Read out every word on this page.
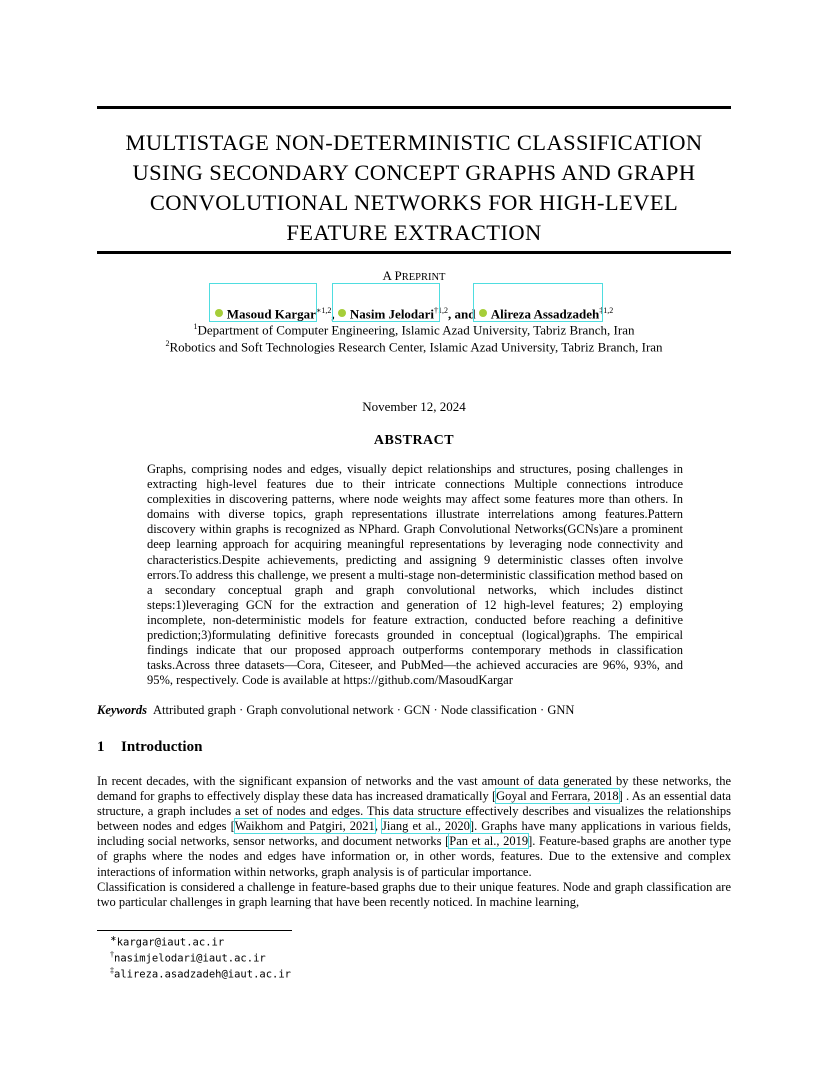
MULTISTAGE NON-DETERMINISTIC CLASSIFICATION
USING SECONDARY CONCEPT GRAPHS AND GRAPH
CONVOLUTIONAL NETWORKS FOR HIGH-LEVEL
FEATURE EXTRACTION
A PREPRINT
Masoud Kargar$^{∗1,2}$,
Nasim Jelodari$^{\dagger 1,2}$, and
Alireza Assadzadeh$^{\ddagger 1,2}$
$^1$Department of Computer Engineering, Islamic Azad University, Tabriz Branch, Iran
$^2$Robotics and Soft Technologies Research Center, Islamic Azad University, Tabriz Branch, Iran
November 12, 2024
ABSTRACT
Graphs, comprising nodes and edges, visually depict relationships and structures, posing challenges in extracting high-level features due to their intricate connections Multiple connections introduce complexities in discovering patterns, where node weights may affect some features more than others. In domains with diverse topics, graph representations illustrate interrelations among features.Pattern discovery within graphs is recognized as NPhard. Graph Convolutional Networks(GCNs)are a prominent deep learning approach for acquiring meaningful representations by leveraging node connectivity and characteristics.Despite achievements, predicting and assigning 9 deterministic classes often involve errors.To address this challenge, we present a multi-stage non-deterministic classification method based on a secondary conceptual graph and graph convolutional networks, which includes distinct steps:1)leveraging GCN for the extraction and generation of 12 high-level features; 2) employing incomplete, non-deterministic models for feature extraction, conducted before reaching a definitive prediction;3)formulating definitive forecasts grounded in conceptual (logical)graphs. The empirical findings indicate that our proposed approach outperforms contemporary methods in classification tasks.Across three datasets—Cora, Citeseer, and PubMed—the achieved accuracies are 96%, 93%, and 95%, respectively. Code is available at https://github.com/MasoudKargar
Keywords Attributed graph · Graph convolutional network · GCN · Node classification · GNN
1 Introduction

In recent decades, with the significant expansion of networks and the vast amount of data generated by these networks, the demand for graphs to effectively display these data has increased dramatically [Goyal and Ferrara, 2018] . As an essential data structure, a graph includes a set of nodes and edges. This data structure effectively describes and visualizes the relationships between nodes and edges [Waikhom and Patgiri, 2021, Jiang et al., 2020]. Graphs have many applications in various fields, including social networks, sensor networks, and document networks [Pan et al., 2019]. Feature-based graphs are another type of graphs where the nodes and edges have information or, in other words, features. Due to the extensive and complex interactions of information within networks, graph analysis is of particular importance.

Classification is considered a challenge in feature-based graphs due to their unique features. Node and graph classification are two particular challenges in graph learning that have been recently noticed. In machine learning,

∗kargar@iaut.ac.ir
†nasimjelodari@iaut.ac.ir
‡alireza.asadzadeh@iaut.ac.ir
